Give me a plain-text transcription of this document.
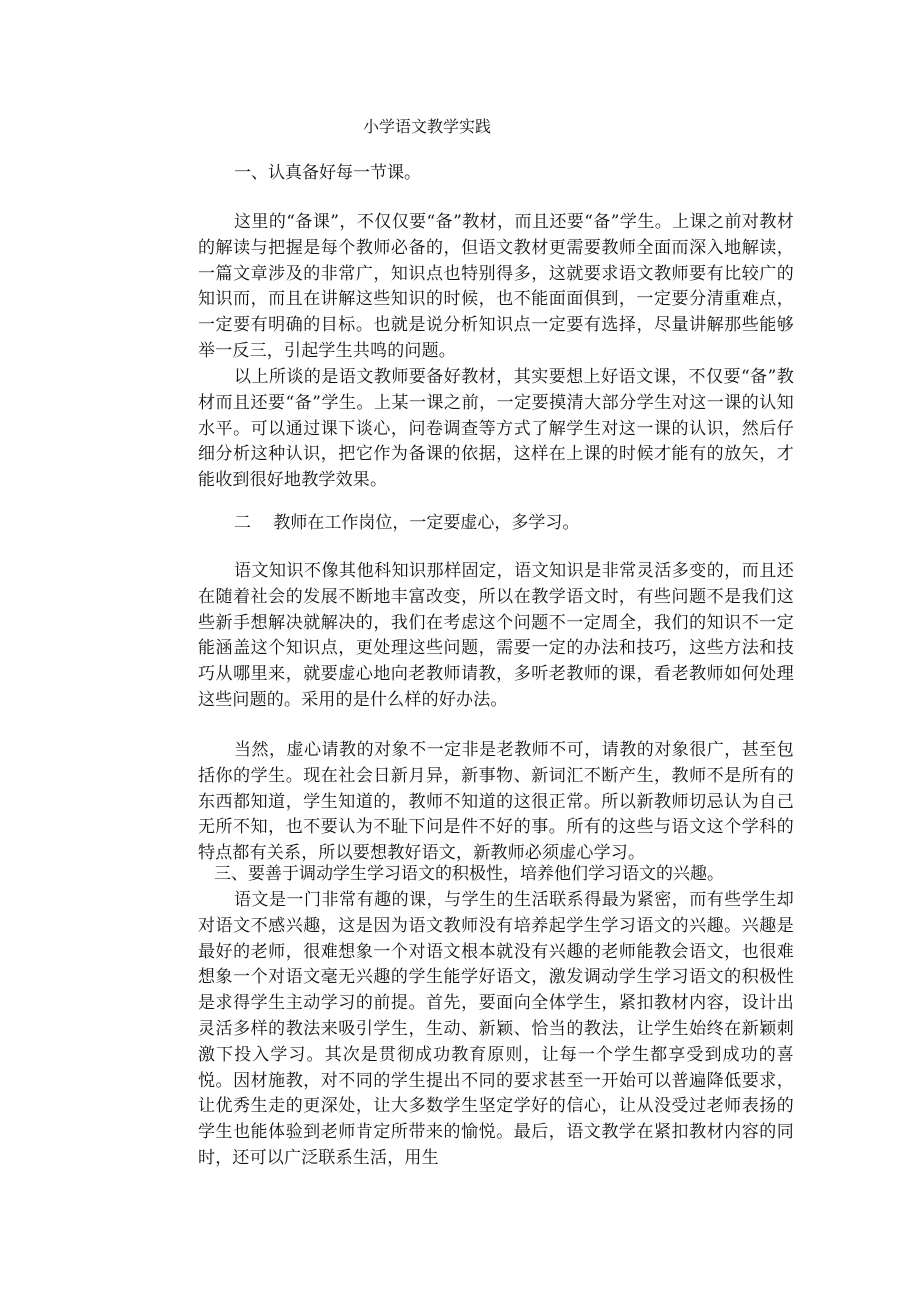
小学语文教学实践
一、认真备好每一节课。

这里的“备课”，不仅仅要“备”教材，而且还要“备”学生。上课之前对教材的解读与把握是每个教师必备的，但语文教材更需要教师全面而深入地解读，一篇文章涉及的非常广，知识点也特别得多，这就要求语文教师要有比较广的知识而，而且在讲解这些知识的时候，也不能面面俱到，一定要分清重难点，一定要有明确的目标。也就是说分析知识点一定要有选择，尽量讲解那些能够举一反三，引起学生共鸣的问题。

以上所谈的是语文教师要备好教材，其实要想上好语文课，不仅要“备”教材而且还要“备”学生。上某一课之前，一定要摸清大部分学生对这一课的认知水平。可以通过课下谈心，问卷调查等方式了解学生对这一课的认识，然后仔细分析这种认识，把它作为备课的依据，这样在上课的时候才能有的放矢，才能收到很好地教学效果。

二　 教师在工作岗位，一定要虚心，多学习。

语文知识不像其他科知识那样固定，语文知识是非常灵活多变的，而且还在随着社会的发展不断地丰富改变，所以在教学语文时，有些问题不是我们这些新手想解决就解决的，我们在考虑这个问题不一定周全，我们的知识不一定能涵盖这个知识点，更处理这些问题，需要一定的办法和技巧，这些方法和技巧从哪里来，就要虚心地向老教师请教，多听老教师的课，看老教师如何处理这些问题的。采用的是什么样的好办法。

当然，虚心请教的对象不一定非是老教师不可，请教的对象很广，甚至包括你的学生。现在社会日新月异，新事物、新词汇不断产生，教师不是所有的东西都知道，学生知道的，教师不知道的这很正常。所以新教师切忌认为自己无所不知，也不要认为不耻下问是件不好的事。所有的这些与语文这个学科的特点都有关系，所以要想教好语文，新教师必须虚心学习。

三、要善于调动学生学习语文的积极性，培养他们学习语文的兴趣。

语文是一门非常有趣的课，与学生的生活联系得最为紧密，而有些学生却对语文不感兴趣，这是因为语文教师没有培养起学生学习语文的兴趣。兴趣是最好的老师，很难想象一个对语文根本就没有兴趣的老师能教会语文，也很难想象一个对语文毫无兴趣的学生能学好语文，激发调动学生学习语文的积极性是求得学生主动学习的前提。首先，要面向全体学生，紧扣教材内容，设计出灵活多样的教法来吸引学生，生动、新颖、恰当的教法，让学生始终在新颖刺激下投入学习。其次是贯彻成功教育原则，让每一个学生都享受到成功的喜悦。因材施教，对不同的学生提出不同的要求甚至一开始可以普遍降低要求，让优秀生走的更深处，让大多数学生坚定学好的信心，让从没受过老师表扬的学生也能体验到老师肯定所带来的愉悦。最后，语文教学在紧扣教材内容的同时，还可以广泛联系生活，用生
